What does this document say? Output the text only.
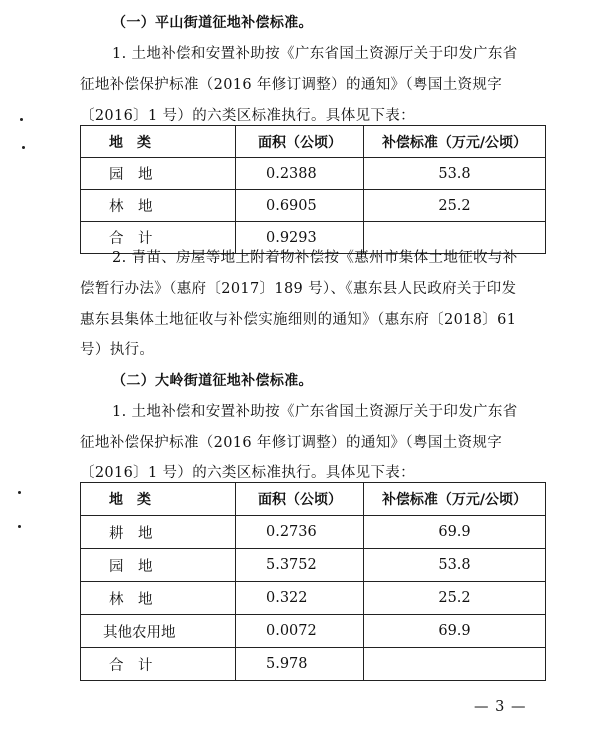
（一）平山街道征地补偿标准。
1. 土地补偿和安置补助按《广东省国土资源厅关于印发广东省
征地补偿保护标准（2016 年修订调整）的通知》（粤国土资规字
〔2016〕1 号）的六类区标准执行。具体见下表：
地　类	面积（公顷）	补偿标准（万元/公顷）
园　地	0.2388	53.8
林　地	0.6905	25.2
合　计	0.9293	
2. 青苗、房屋等地上附着物补偿按《惠州市集体土地征收与补
偿暂行办法》（惠府〔2017〕189 号）、《惠东县人民政府关于印发
惠东县集体土地征收与补偿实施细则的通知》（惠东府〔2018〕61
号）执行。
（二）大岭街道征地补偿标准。
1. 土地补偿和安置补助按《广东省国土资源厅关于印发广东省
征地补偿保护标准（2016 年修订调整）的通知》（粤国土资规字
〔2016〕1 号）的六类区标准执行。具体见下表：
地　类	面积（公顷）	补偿标准（万元/公顷）
耕　地	0.2736	69.9
园　地	5.3752	53.8
林　地	0.322	25.2
其他农用地	0.0072	69.9
合　计	5.978	
— 3 —
